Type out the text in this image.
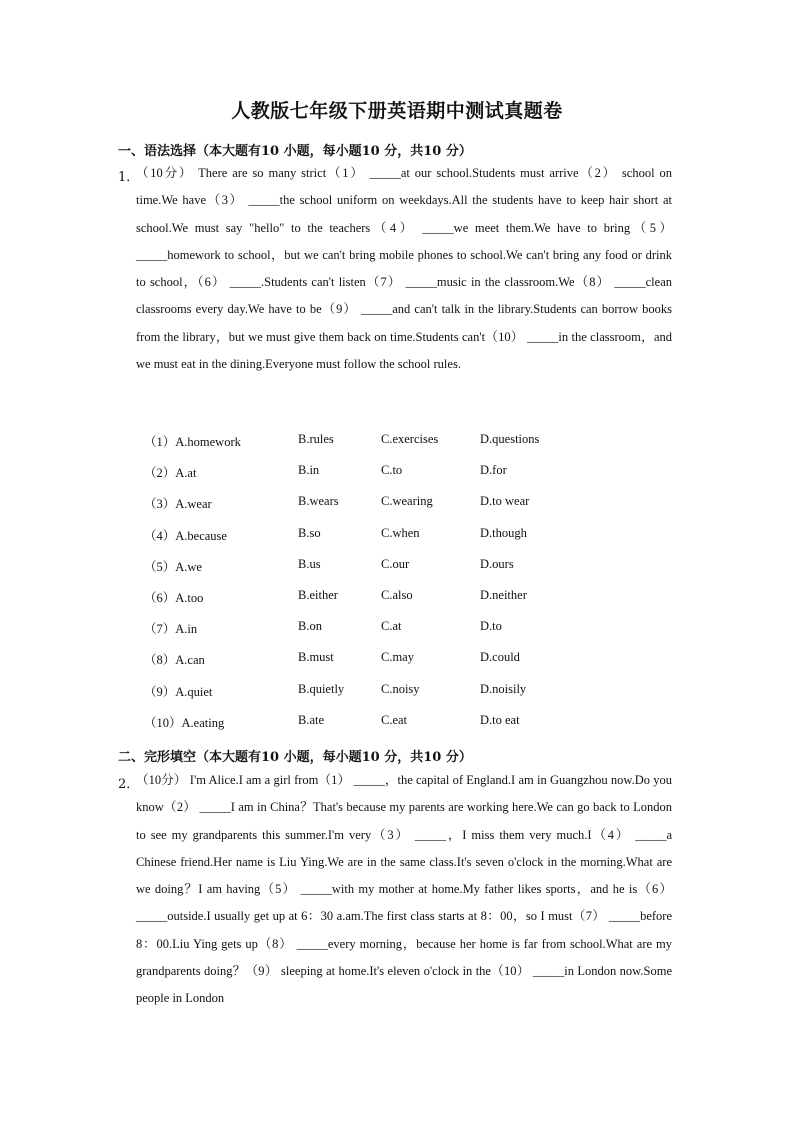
人教版七年级下册英语期中测试真题卷
一、语法选择（本大题有10 小题，每小题10 分，共10 分）
1．
（10分） There are so many strict（1） _____at our school.Students must arrive（2） school on time.We have（3） _____the school uniform on weekdays.All the students have to keep hair short at school.We must say "hello" to the teachers（4） _____we meet them.We have to bring（5） _____homework to school，but we can't bring mobile phones to school.We can't bring any food or drink to school，（6） _____.Students can't listen（7） _____music in the classroom.We（8） _____clean classrooms every day.We have to be（9） _____and can't talk in the library.Students can borrow books from the library，but we must give them back on time.Students can't（10） _____in the classroom，and we must eat in the dining.Everyone must follow the school rules.
（1）A.homework	B.rules	C.exercises	D.questions
（2）A.at	B.in	C.to	D.for
（3）A.wear	B.wears	C.wearing	D.to wear
（4）A.because	B.so	C.when	D.though
（5）A.we	B.us	C.our	D.ours
（6）A.too	B.either	C.also	D.neither
（7）A.in	B.on	C.at	D.to
（8）A.can	B.must	C.may	D.could
（9）A.quiet	B.quietly	C.noisy	D.noisily
（10）A.eating	B.ate	C.eat	D.to eat
二、完形填空（本大题有10 小题，每小题10 分，共10 分）
2．
（10分） I'm Alice.I am a girl from（1） _____，the capital of England.I am in Guangzhou now.Do you know（2） _____I am in China？That's because my parents are working here.We can go back to London to see my grandparents this summer.I'm very（3） _____，I miss them very much.I（4） _____a Chinese friend.Her name is Liu Ying.We are in the same class.It's seven o'clock in the morning.What are we doing？I am having（5） _____with my mother at home.My father likes sports，and he is（6） _____outside.I usually get up at 6：30 a.am.The first class starts at 8：00，so I must（7） _____before 8：00.Liu Ying gets up（8） _____every morning，because her home is far from school.What are my grandparents doing？（9） sleeping at home.It's eleven o'clock in the（10） _____in London now.Some people in London
